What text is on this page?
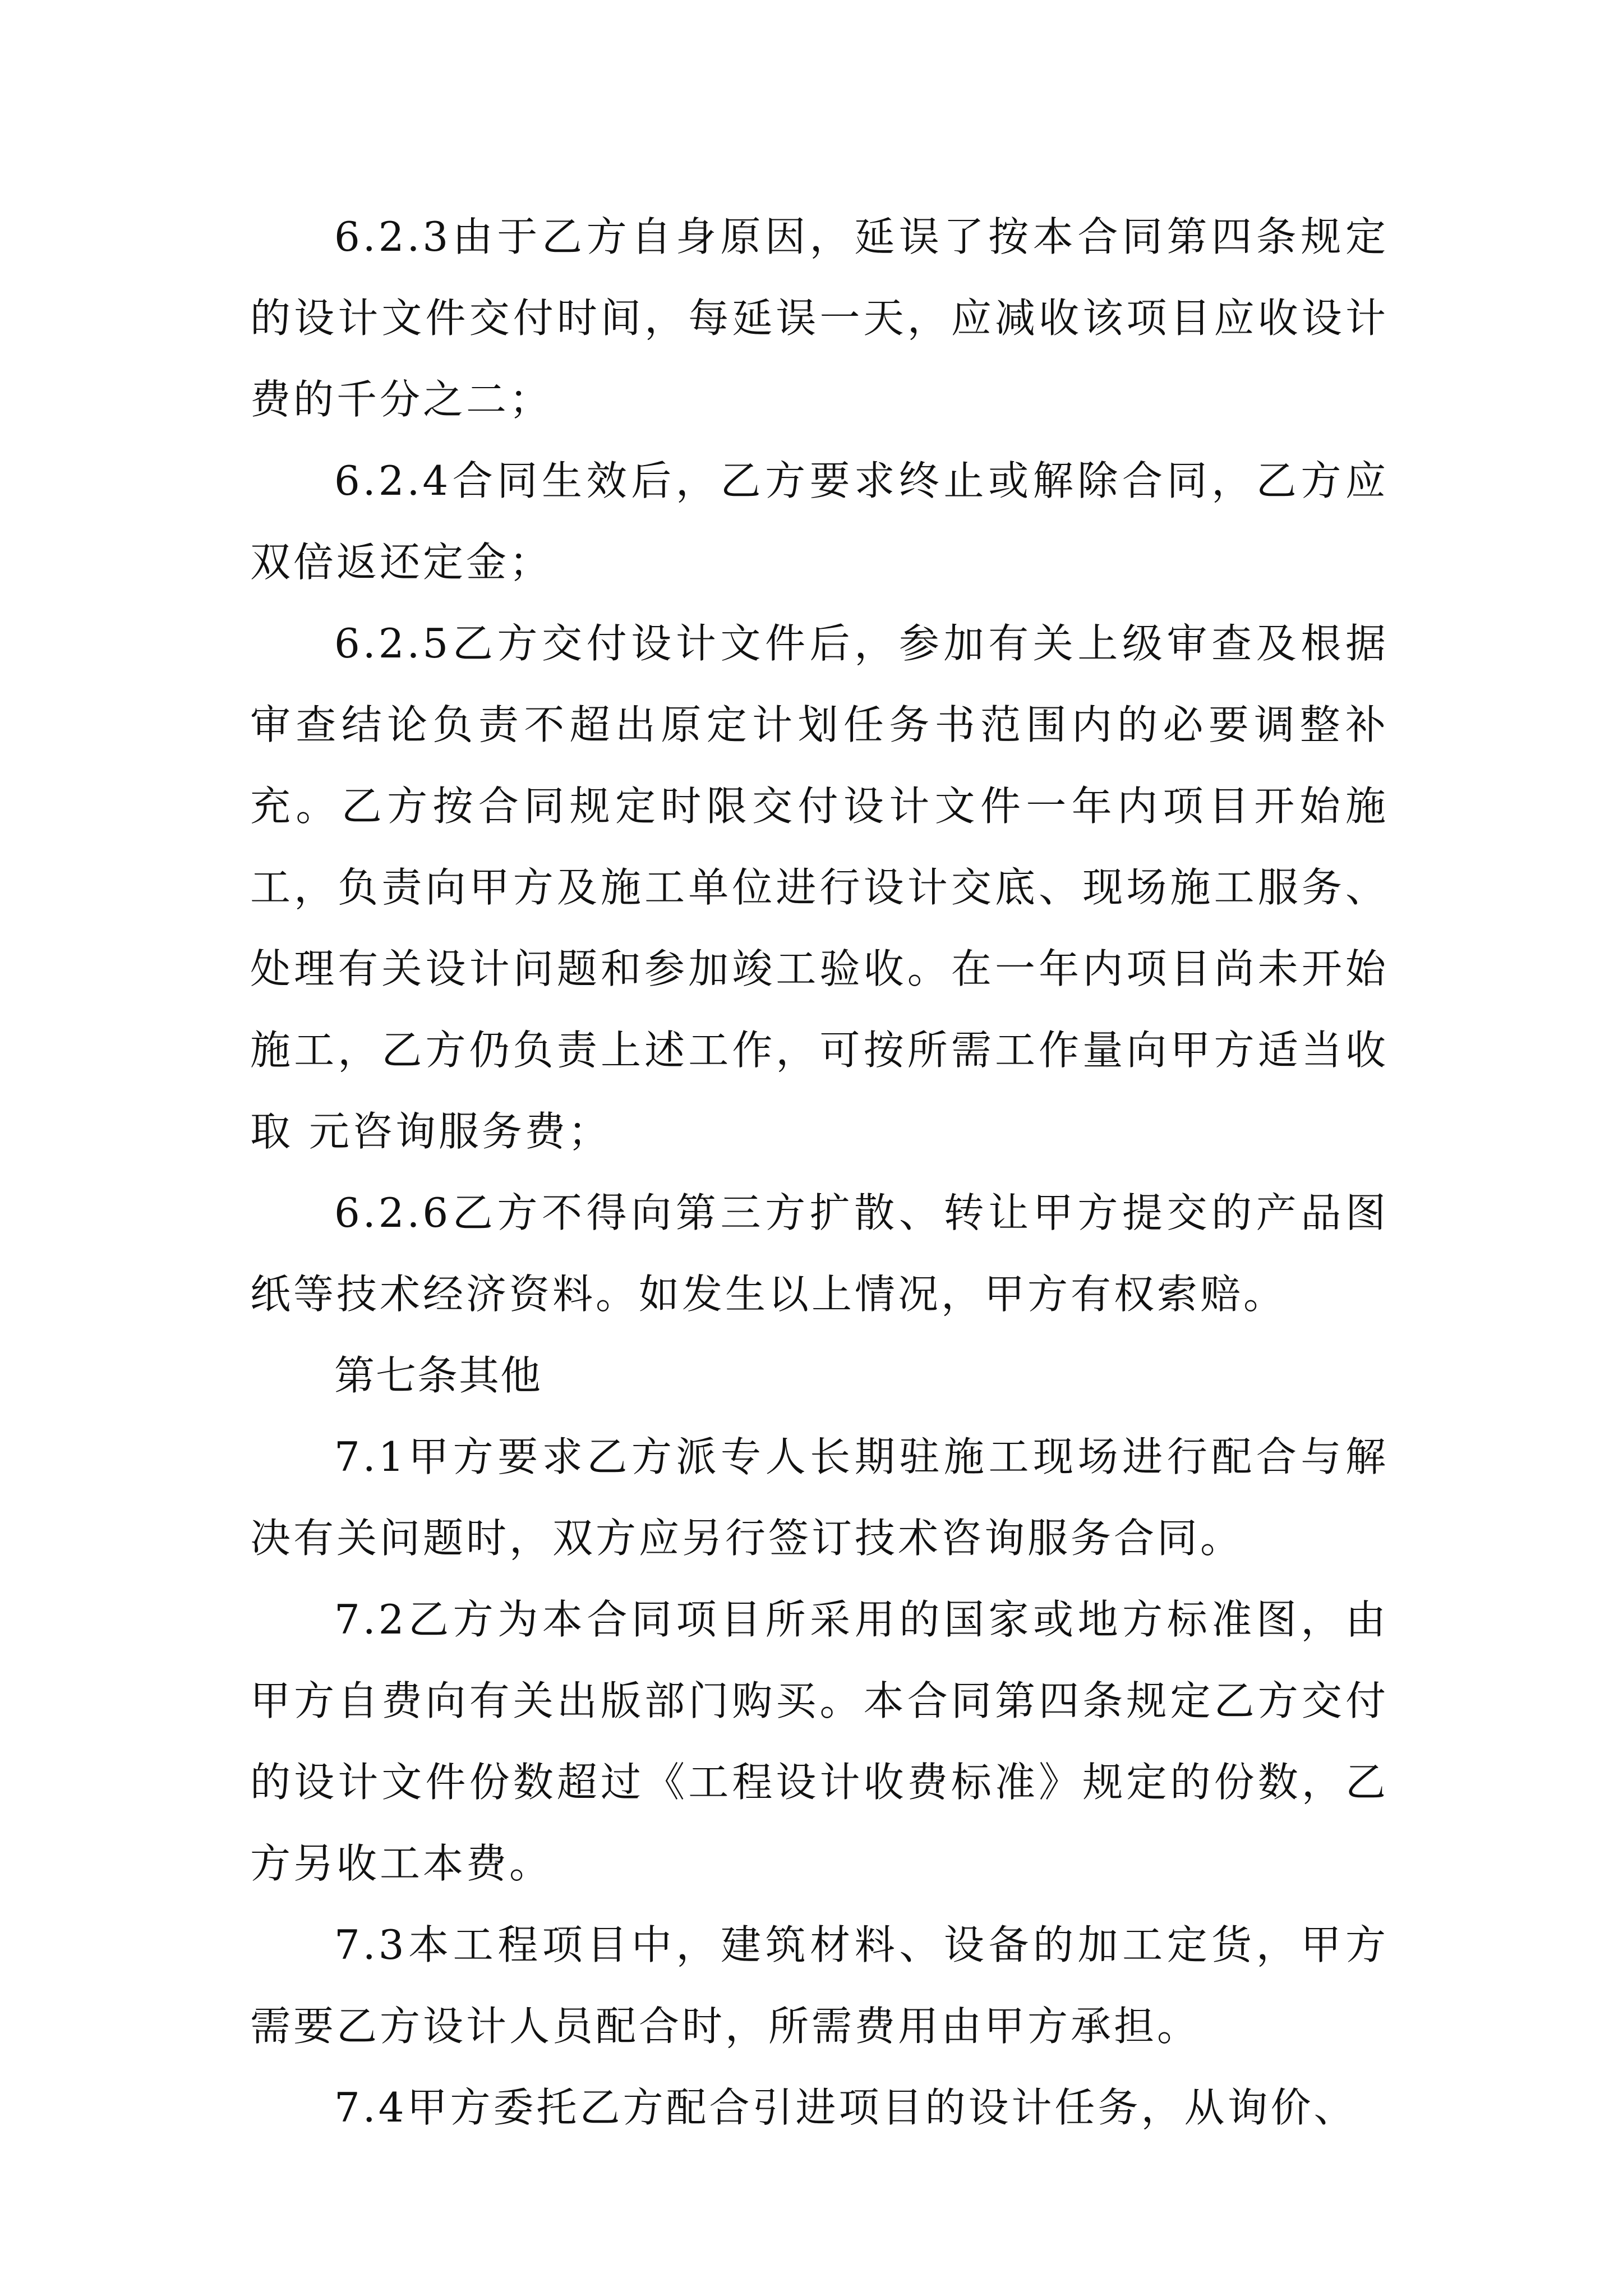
6.2.3由于乙方自身原因，延误了按本合同第四条规定的设计文件交付时间，每延误一天，应减收该项目应收设计费的千分之二；

6.2.4合同生效后，乙方要求终止或解除合同，乙方应双倍返还定金；

6.2.5乙方交付设计文件后，参加有关上级审查及根据审查结论负责不超出原定计划任务书范围内的必要调整补充。乙方按合同规定时限交付设计文件一年内项目开始施工，负责向甲方及施工单位进行设计交底、现场施工服务、处理有关设计问题和参加竣工验收。在一年内项目尚未开始施工，乙方仍负责上述工作，可按所需工作量向甲方适当收取 元咨询服务费；

6.2.6乙方不得向第三方扩散、转让甲方提交的产品图纸等技术经济资料。如发生以上情况，甲方有权索赔。

第七条其他

7.1甲方要求乙方派专人长期驻施工现场进行配合与解决有关问题时，双方应另行签订技术咨询服务合同。

7.2乙方为本合同项目所采用的国家或地方标准图，由甲方自费向有关出版部门购买。本合同第四条规定乙方交付的设计文件份数超过《工程设计收费标准》规定的份数，乙方另收工本费。

7.3本工程项目中，建筑材料、设备的加工定货，甲方需要乙方设计人员配合时，所需费用由甲方承担。

7.4甲方委托乙方配合引进项目的设计任务，从询价、
